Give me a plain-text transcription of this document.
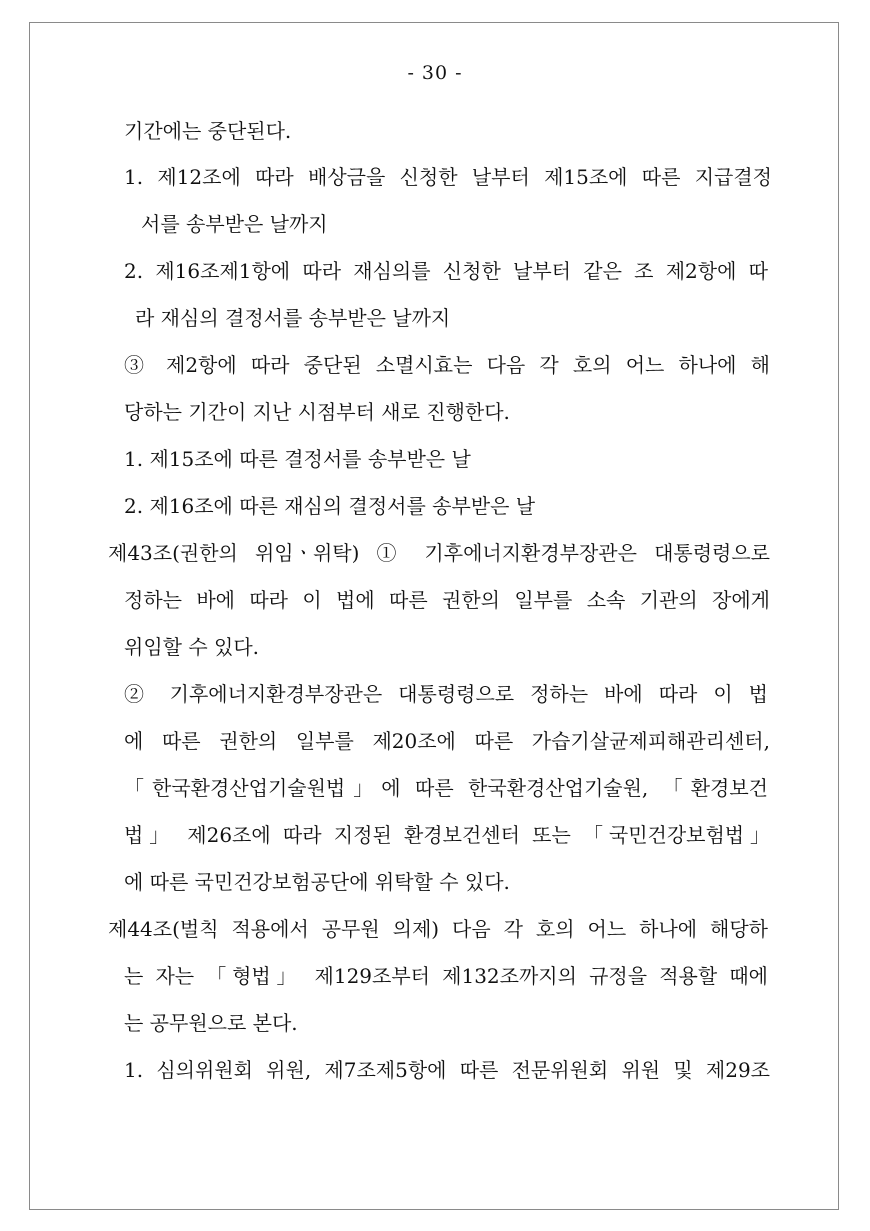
- 30 -
기간에는 중단된다.
1. 제12조에 따라 배상금을 신청한 날부터 제15조에 따른 지급결정
서를 송부받은 날까지
2. 제16조제1항에 따라 재심의를 신청한 날부터 같은 조 제2항에 따
라 재심의 결정서를 송부받은 날까지
③ 제2항에 따라 중단된 소멸시효는 다음 각 호의 어느 하나에 해
당하는 기간이 지난 시점부터 새로 진행한다.
1. 제15조에 따른 결정서를 송부받은 날
2. 제16조에 따른 재심의 결정서를 송부받은 날
제43조(권한의 위임ㆍ위탁) ① 기후에너지환경부장관은 대통령령으로
정하는 바에 따라 이 법에 따른 권한의 일부를 소속 기관의 장에게
위임할 수 있다.
② 기후에너지환경부장관은 대통령령으로 정하는 바에 따라 이 법
에 따른 권한의 일부를 제20조에 따른 가습기살균제피해관리센터,
「한국환경산업기술원법」에 따른 한국환경산업기술원, 「환경보건
법」 제26조에 따라 지정된 환경보건센터 또는 「국민건강보험법」
에 따른 국민건강보험공단에 위탁할 수 있다.
제44조(벌칙 적용에서 공무원 의제) 다음 각 호의 어느 하나에 해당하
는 자는 「형법」 제129조부터 제132조까지의 규정을 적용할 때에
는 공무원으로 본다.
1. 심의위원회 위원, 제7조제5항에 따른 전문위원회 위원 및 제29조
